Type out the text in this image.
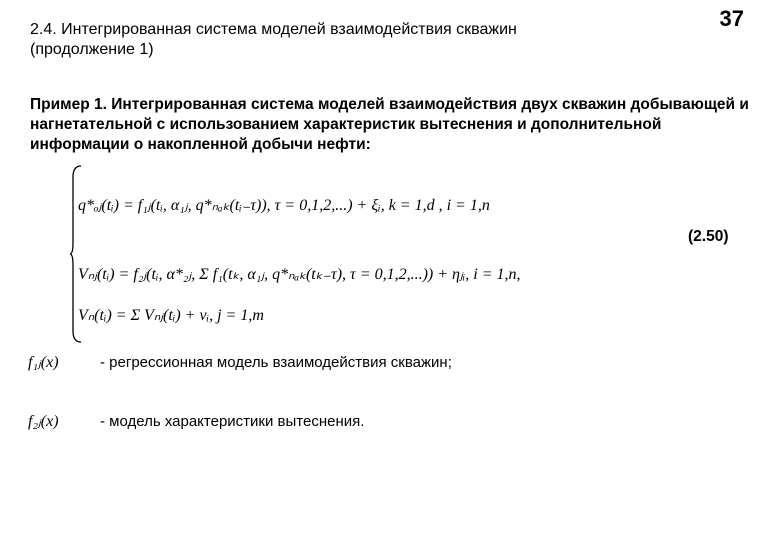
2.4. Интегрированная система моделей взаимодействия скважин
(продолжение 1)
37
Пример 1. Интегрированная система моделей взаимодействия двух скважин добывающей и нагнетательной с использованием характеристик вытеснения и дополнительной информации о накопленной добычи нефти:
q*ₒⱼ(tᵢ) = f₁ⱼ(tᵢ, α₁ⱼ, q*ₙₐₖ(tᵢ₋τ)), τ = 0,1,2,...) + ξᵢ, k = 1,d , i = 1,n
Vₙⱼ(tᵢ) = f₂ⱼ(tᵢ, α*₂ⱼ, Σ f₁(tₖ, α₁ⱼ, q*ₙₐₖ(tₖ₋τ), τ = 0,1,2,...)) + ηⱼᵢ, i = 1,n,
Vₙ(tᵢ) = Σ Vₙⱼ(tᵢ) + νᵢ, j = 1,m
(2.50)
f₁ⱼ(x)	- регрессионная модель взаимодействия скважин;
f₂ⱼ(x)	- модель характеристики вытеснения.
